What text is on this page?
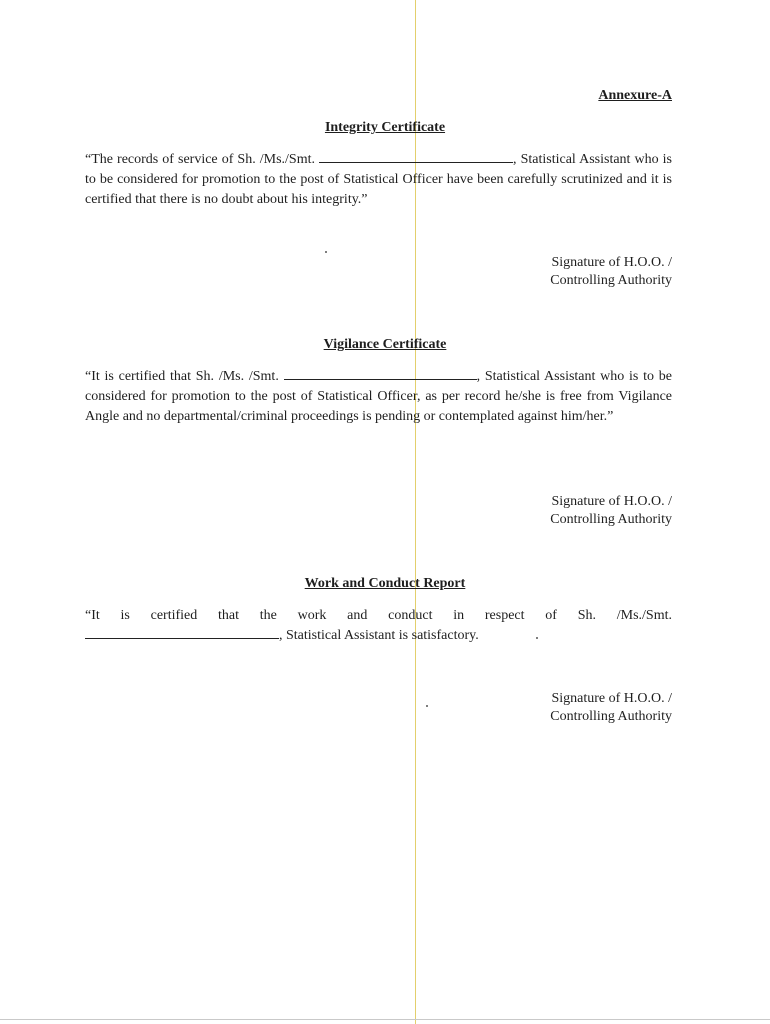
Annexure-A
Integrity Certificate
“The records of service of Sh. /Ms./Smt.	, Statistical Assistant who is to be considered for promotion to the post of Statistical Officer have been carefully scrutinized and it is certified that there is no doubt about his integrity.”
Signature of H.O.O. /
Controlling Authority
Vigilance Certificate
“It is certified that Sh. /Ms. /Smt.	, Statistical Assistant who is to be considered for promotion to the post of Statistical Officer, as per record he/she is free from Vigilance Angle and no departmental/criminal proceedings is pending or contemplated against him/her.”
Signature of H.O.O. /
Controlling Authority
Work and Conduct Report
“It is certified that the work and conduct in respect of Sh. /Ms./Smt. , Statistical Assistant is satisfactory.
Signature of H.O.O. /
Controlling Authority
